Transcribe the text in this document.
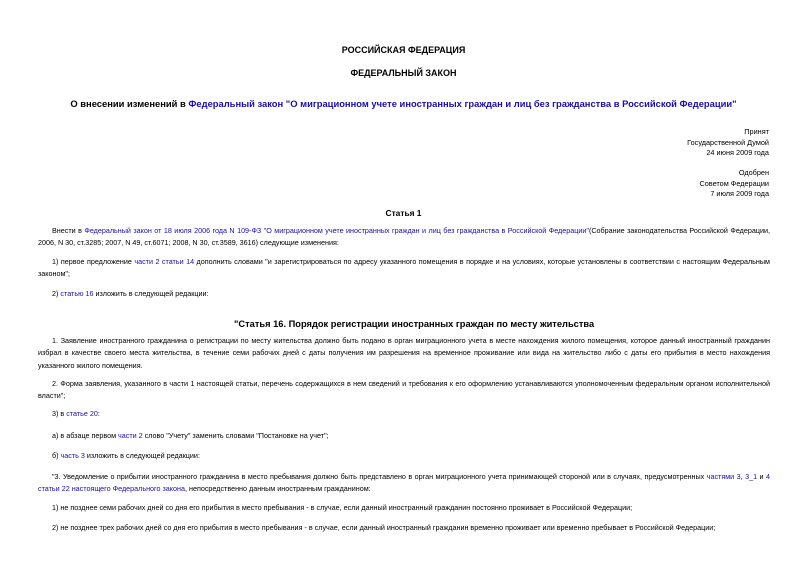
РОССИЙСКАЯ ФЕДЕРАЦИЯ
ФЕДЕРАЛЬНЫЙ ЗАКОН
О внесении изменений в Федеральный закон "О миграционном учете иностранных граждан и лиц без гражданства в Российской Федерации"
Принят
Государственной Думой
24 июня 2009 года
Одобрен
Советом Федерации
7 июля 2009 года
Статья 1
Внести в Федеральный закон от 18 июля 2006 года N 109-ФЗ "О миграционном учете иностранных граждан и лиц без гражданства в Российской Федерации"(Собрание законодательства Российской Федерации, 2006, N 30, ст.3285; 2007, N 49, ст.6071; 2008, N 30, ст.3589, 3616) следующие изменения:
1) первое предложение части 2 статьи 14 дополнить словами "и зарегистрироваться по адресу указанного помещения в порядке и на условиях, которые установлены в соответствии с настоящим Федеральным законом";
2) статью 16 изложить в следующей редакции:
"Статья 16. Порядок регистрации иностранных граждан по месту жительства
1. Заявление иностранного гражданина о регистрации по месту жительства должно быть подано в орган миграционного учета в месте нахождения жилого помещения, которое данный иностранный гражданин избрал в качестве своего места жительства, в течение семи рабочих дней с даты получения им разрешения на временное проживание или вида на жительство либо с даты его прибытия в место нахождения указанного жилого помещения.
2. Форма заявления, указанного в части 1 настоящей статьи, перечень содержащихся в нем сведений и требования к его оформлению устанавливаются уполномоченным федеральным органом исполнительной власти";
3) в статье 20:
а) в абзаце первом части 2 слово "Учету" заменить словами "Постановке на учет";
б) часть 3 изложить в следующей редакции:
"3. Уведомление о прибытии иностранного гражданина в место пребывания должно быть представлено в орган миграционного учета принимающей стороной или в случаях, предусмотренных частями 3, 3_1 и 4 статьи 22 настоящего Федерального закона, непосредственно данным иностранным гражданином:
1) не позднее семи рабочих дней со дня его прибытия в место пребывания - в случае, если данный иностранный гражданин постоянно проживает в Российской Федерации;
2) не позднее трех рабочих дней со дня его прибытия в место пребывания - в случае, если данный иностранный гражданин временно проживает или временно пребывает в Российской Федерации;
